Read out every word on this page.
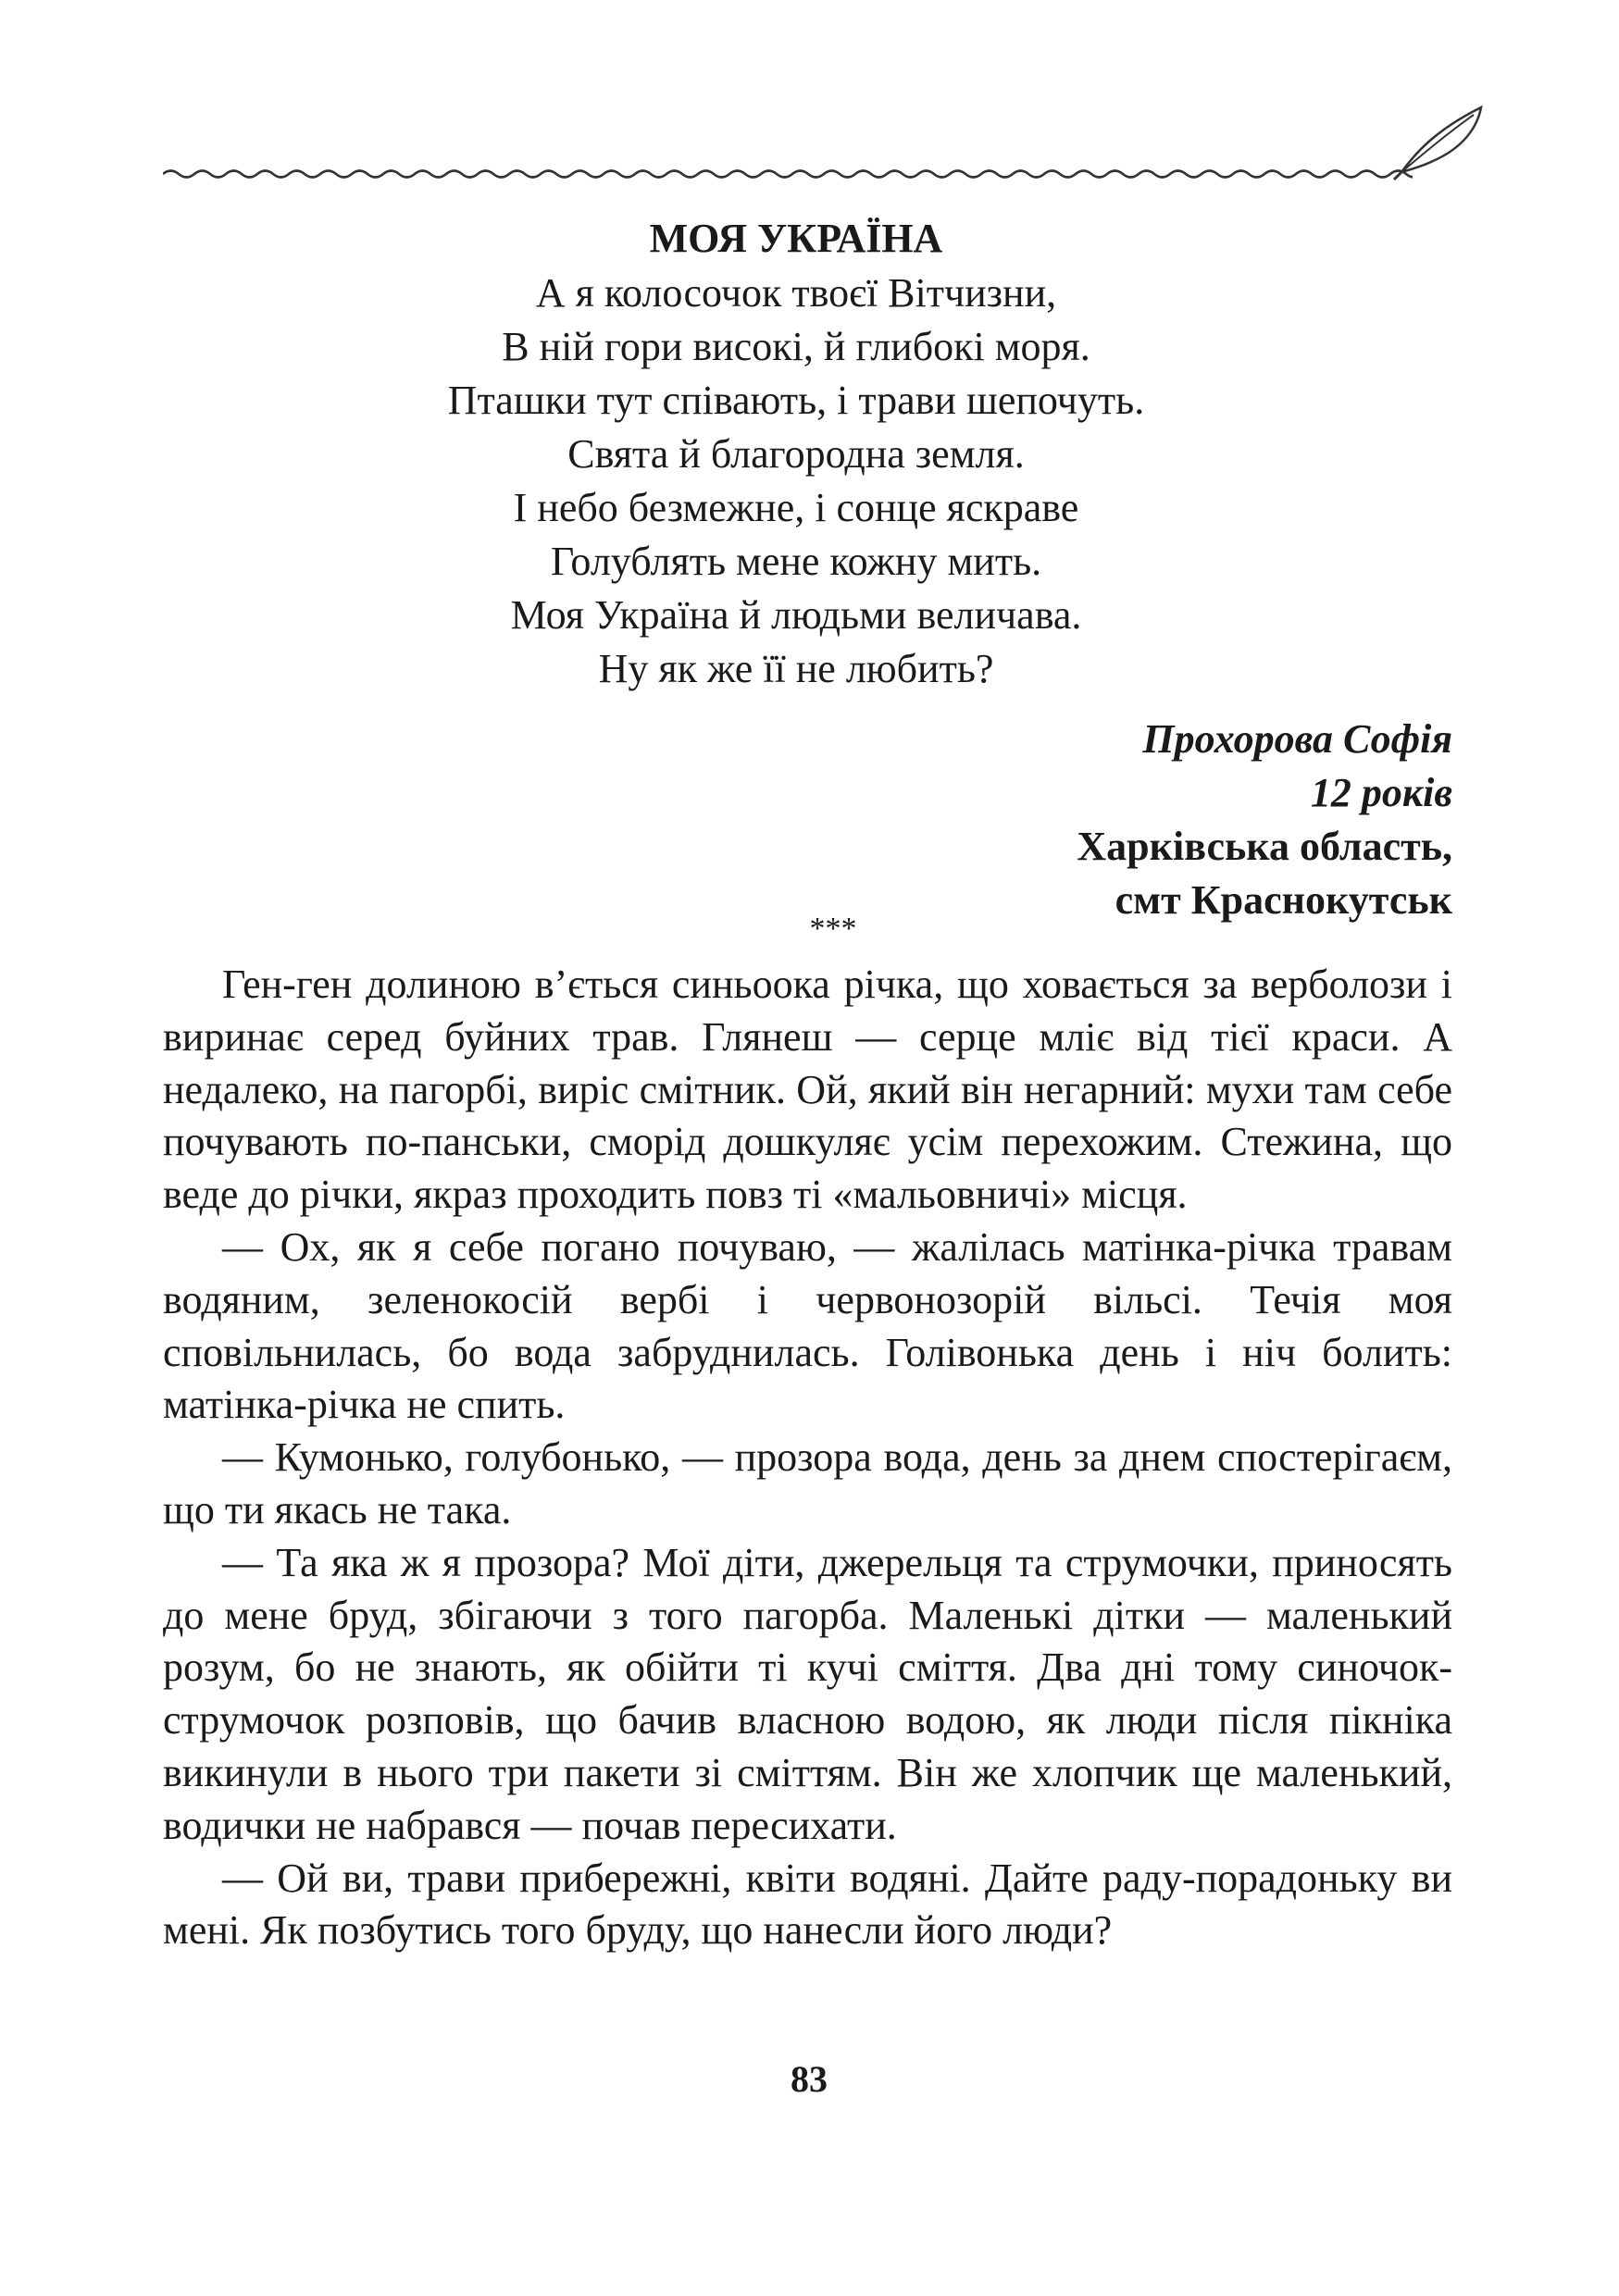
МОЯ УКРАЇНА
А я колосочок твоєї Вітчизни,
В ній гори високі, й глибокі моря.
Пташки тут співають, і трави шепочуть.
Свята й благородна земля.
І небо безмежне, і сонце яскраве
Голублять мене кожну мить.
Моя Україна й людьми величава.
Ну як же її не любить?
Прохорова Софія
12 років
Харківська область,
смт Краснокутськ
***

Ген-ген долиною в’ється синьоока річка, що ховається за верболози і виринає серед буйних трав. Глянеш — серце мліє від тієї краси. А недалеко, на пагорбі, виріс смітник. Ой, який він негарний: мухи там себе почувають по-панськи, сморід дошкуляє усім перехожим. Стежина, що веде до річки, якраз проходить повз ті «мальовничі» місця.

— Ох, як я себе погано почуваю, — жалілась матінка-річка травам водяним, зеленокосій вербі і червонозорій вільсі. Течія моя сповільнилась, бо вода забруднилась. Голівонька день і ніч болить: матінка-річка не спить.

— Кумонько, голубонько, — прозора вода, день за днем спостерігаєм, що ти якась не така.

— Та яка ж я прозора? Мої діти, джерельця та струмочки, приносять до мене бруд, збігаючи з того пагорба. Маленькі дітки — маленький розум, бо не знають, як обійти ті кучі сміття. Два дні тому синочок-струмочок розповів, що бачив власною водою, як люди після пікніка викинули в нього три пакети зі сміттям. Він же хлопчик ще маленький, водички не набрався — почав пересихати.

— Ой ви, трави прибережні, квіти водяні. Дайте раду-порадоньку ви мені. Як позбутись того бруду, що нанесли його люди?

83
